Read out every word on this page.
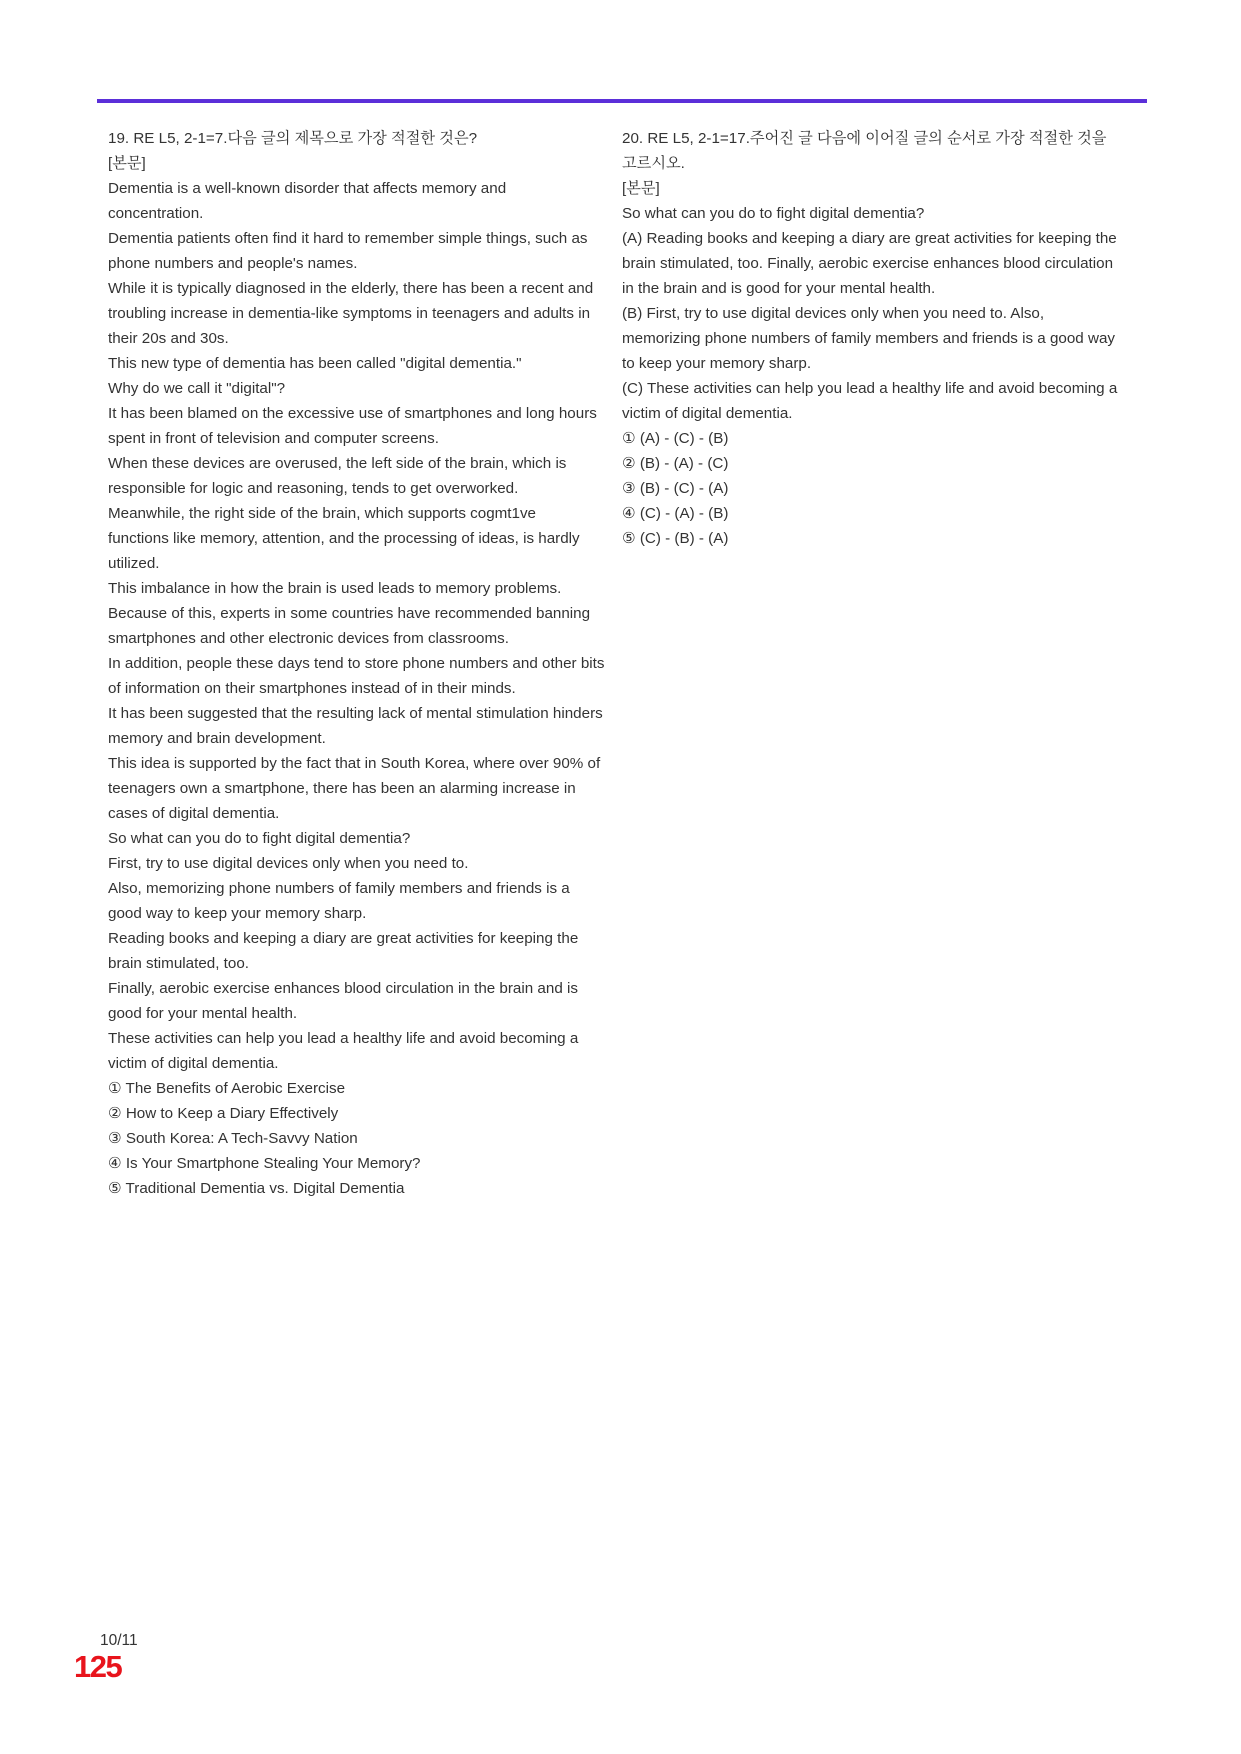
19. RE L5, 2-1=7.다음 글의 제목으로 가장 적절한 것은?
[본문]
Dementia is a well-known disorder that affects memory and
concentration.
Dementia patients often find it hard to remember simple things, such as
phone numbers and people's names.
While it is typically diagnosed in the elderly, there has been a recent and
troubling increase in dementia-like symptoms in teenagers and adults in
their 20s and 30s.
This new type of dementia has been called "digital dementia."
Why do we call it "digital"?
It has been blamed on the excessive use of smartphones and long hours
spent in front of television and computer screens.
When these devices are overused, the left side of the brain, which is
responsible for logic and reasoning, tends to get overworked.
Meanwhile, the right side of the brain, which supports cogmt1ve
functions like memory, attention, and the processing of ideas, is hardly
utilized.
This imbalance in how the brain is used leads to memory problems.
Because of this, experts in some countries have recommended banning
smartphones and other electronic devices from classrooms.
In addition, people these days tend to store phone numbers and other bits
of information on their smartphones instead of in their minds.
It has been suggested that the resulting lack of mental stimulation hinders
memory and brain development.
This idea is supported by the fact that in South Korea, where over 90% of
teenagers own a smartphone, there has been an alarming increase in
cases of digital dementia.
So what can you do to fight digital dementia?
First, try to use digital devices only when you need to.
Also, memorizing phone numbers of family members and friends is a
good way to keep your memory sharp.
Reading books and keeping a diary are great activities for keeping the
brain stimulated, too.
Finally, aerobic exercise enhances blood circulation in the brain and is
good for your mental health.
These activities can help you lead a healthy life and avoid becoming a
victim of digital dementia.
① The Benefits of Aerobic Exercise
② How to Keep a Diary Effectively
③ South Korea: A Tech-Savvy Nation
④ Is Your Smartphone Stealing Your Memory?
⑤ Traditional Dementia vs. Digital Dementia
20. RE L5, 2-1=17.주어진 글 다음에 이어질 글의 순서로 가장 적절한 것을
고르시오.
[본문]
So what can you do to fight digital dementia?
(A) Reading books and keeping a diary are great activities for keeping the
brain stimulated, too. Finally, aerobic exercise enhances blood circulation
in the brain and is good for your mental health.
(B) First, try to use digital devices only when you need to. Also,
memorizing phone numbers of family members and friends is a good way
to keep your memory sharp.
(C) These activities can help you lead a healthy life and avoid becoming a
victim of digital dementia.
① (A) - (C) - (B)
② (B) - (A) - (C)
③ (B) - (C) - (A)
④ (C) - (A) - (B)
⑤ (C) - (B) - (A)
10/11
125
